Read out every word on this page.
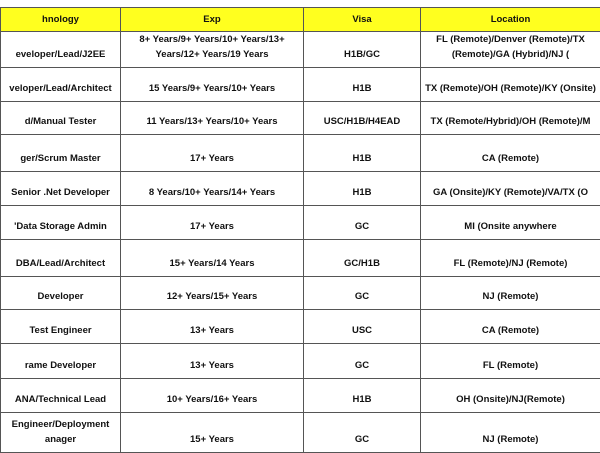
hnology	Exp	Visa	Location
eveloper/Lead/J2EE	8+ Years/9+ Years/10+ Years/13+ Years/12+ Years/19 Years	H1B/GC	FL (Remote)/Denver (Remote)/TX (Remote)/GA (Hybrid)/NJ (
veloper/Lead/Architect	15 Years/9+ Years/10+ Years	H1B	TX (Remote)/OH (Remote)/KY (Onsite)
d/Manual Tester	11 Years/13+ Years/10+ Years	USC/H1B/H4EAD	TX (Remote/Hybrid)/OH (Remote)/M
ger/Scrum Master	17+ Years	H1B	CA (Remote)
Senior .Net Developer	8 Years/10+ Years/14+ Years	H1B	GA (Onsite)/KY (Remote)/VA/TX (O
'Data Storage Admin	17+ Years	GC	MI (Onsite anywhere
DBA/Lead/Architect	15+ Years/14 Years	GC/H1B	FL (Remote)/NJ (Remote)
Developer	12+ Years/15+ Years	GC	NJ (Remote)
Test Engineer	13+ Years	USC	CA (Remote)
rame Developer	13+ Years	GC	FL (Remote)
ANA/Technical Lead	10+ Years/16+ Years	H1B	OH (Onsite)/NJ(Remote)
Engineer/Deployment anager	15+ Years	GC	NJ (Remote)
